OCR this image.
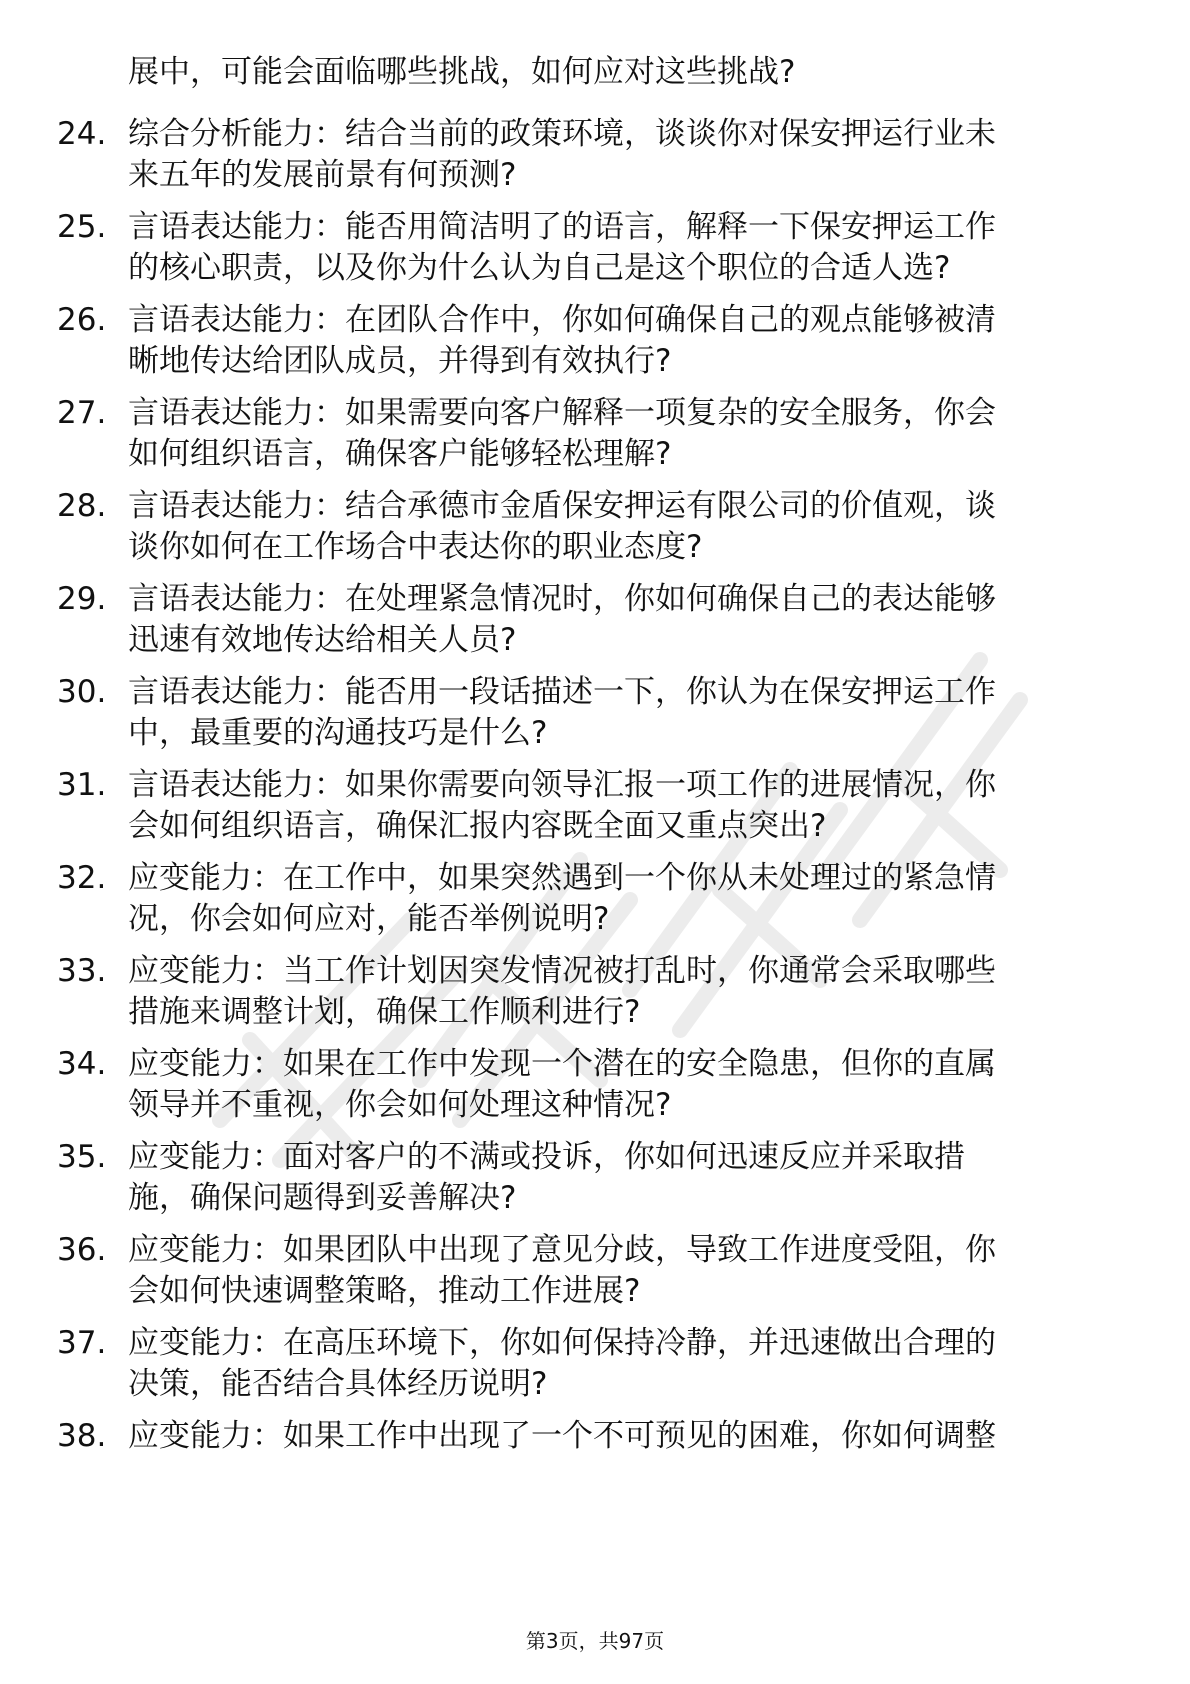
展中，可能会面临哪些挑战，如何应对这些挑战?
24. 综合分析能力：结合当前的政策环境，谈谈你对保安押运行业未
来五年的发展前景有何预测?
25. 言语表达能力：能否用简洁明了的语言，解释一下保安押运工作
的核心职责，以及你为什么认为自己是这个职位的合适人选?
26. 言语表达能力：在团队合作中，你如何确保自己的观点能够被清
晰地传达给团队成员，并得到有效执行?
27. 言语表达能力：如果需要向客户解释一项复杂的安全服务，你会
如何组织语言，确保客户能够轻松理解?
28. 言语表达能力：结合承德市金盾保安押运有限公司的价值观，谈
谈你如何在工作场合中表达你的职业态度?
29. 言语表达能力：在处理紧急情况时，你如何确保自己的表达能够
迅速有效地传达给相关人员?
30. 言语表达能力：能否用一段话描述一下，你认为在保安押运工作
中，最重要的沟通技巧是什么?
31. 言语表达能力：如果你需要向领导汇报一项工作的进展情况，你
会如何组织语言，确保汇报内容既全面又重点突出?
32. 应变能力：在工作中，如果突然遇到一个你从未处理过的紧急情
况，你会如何应对，能否举例说明?
33. 应变能力：当工作计划因突发情况被打乱时，你通常会采取哪些
措施来调整计划，确保工作顺利进行?
34. 应变能力：如果在工作中发现一个潜在的安全隐患，但你的直属
领导并不重视，你会如何处理这种情况?
35. 应变能力：面对客户的不满或投诉，你如何迅速反应并采取措
施，确保问题得到妥善解决?
36. 应变能力：如果团队中出现了意见分歧，导致工作进度受阻，你
会如何快速调整策略，推动工作进展?
37. 应变能力：在高压环境下，你如何保持冷静，并迅速做出合理的
决策，能否结合具体经历说明?
38. 应变能力：如果工作中出现了一个不可预见的困难，你如何调整
第3页，共97页
